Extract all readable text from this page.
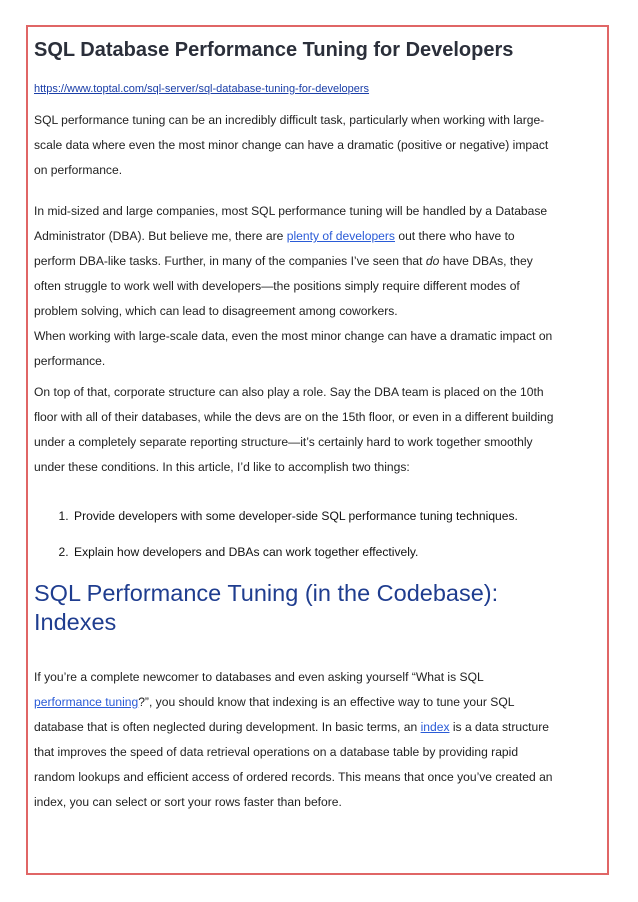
SQL Database Performance Tuning for Developers
https://www.toptal.com/sql-server/sql-database-tuning-for-developers

SQL performance tuning can be an incredibly difficult task, particularly when working with large-scale data where even the most minor change can have a dramatic (positive or negative) impact on performance.

In mid-sized and large companies, most SQL performance tuning will be handled by a Database Administrator (DBA). But believe me, there are plenty of developers out there who have to perform DBA-like tasks. Further, in many of the companies I’ve seen that do have DBAs, they often struggle to work well with developers—the positions simply require different modes of problem solving, which can lead to disagreement among coworkers.

When working with large-scale data, even the most minor change can have a dramatic impact on performance.

On top of that, corporate structure can also play a role. Say the DBA team is placed on the 10th floor with all of their databases, while the devs are on the 15th floor, or even in a different building under a completely separate reporting structure—it’s certainly hard to work together smoothly under these conditions. In this article, I’d like to accomplish two things:

1. Provide developers with some developer-side SQL performance tuning techniques.
2. Explain how developers and DBAs can work together effectively.
SQL Performance Tuning (in the Codebase): Indexes

If you’re a complete newcomer to databases and even asking yourself “What is SQL performance tuning?”, you should know that indexing is an effective way to tune your SQL database that is often neglected during development. In basic terms, an index is a data structure that improves the speed of data retrieval operations on a database table by providing rapid random lookups and efficient access of ordered records. This means that once you’ve created an index, you can select or sort your rows faster than before.
